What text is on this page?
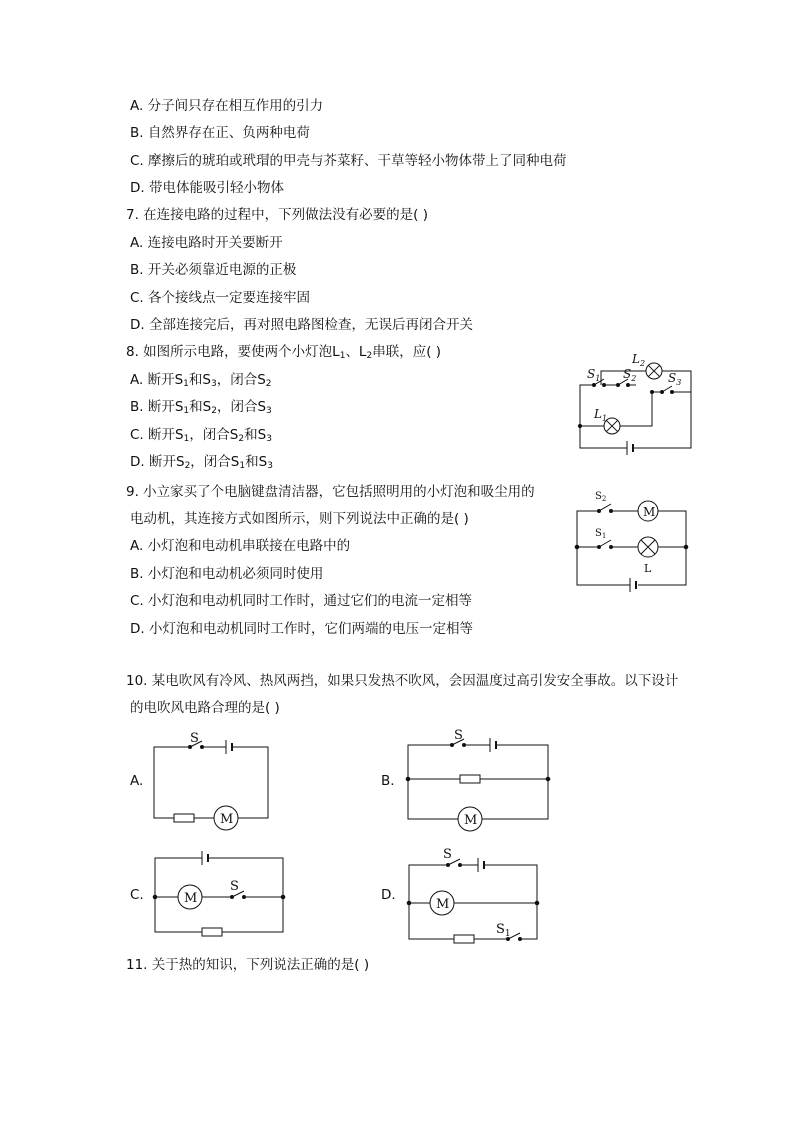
A. 分子间只存在相互作用的引力
B. 自然界存在正、负两种电荷
C. 摩擦后的琥珀或玳瑁的甲壳与芥菜籽、干草等轻小物体带上了同种电荷
D. 带电体能吸引轻小物体
7. 在连接电路的过程中，下列做法没有必要的是( )
A. 连接电路时开关要断开
B. 开关必须靠近电源的正极
C. 各个接线点一定要连接牢固
D. 全部连接完后，再对照电路图检查，无误后再闭合开关
8. 如图所示电路，要使两个小灯泡$L_1$、$L_2$串联，应( )
A. 断开$S_1$和$S_3$，闭合$S_2$
B. 断开$S_1$和$S_2$，闭合$S_3$
C. 断开$S_1$，闭合$S_2$和$S_3$
D. 断开$S_2$，闭合$S_1$和$S_3$
$L_2$
$L_1$
$S_1$ $S_2$	$S_3$
9. 小立家买了个电脑键盘清洁器，它包括照明用的小灯泡和吸尘用的
电动机，其连接方式如图所示，则下列说法中正确的是( )
A. 小灯泡和电动机串联接在电路中的
B. 小灯泡和电动机必须同时使用
C. 小灯泡和电动机同时工作时，通过它们的电流一定相等
D. 小灯泡和电动机同时工作时，它们两端的电压一定相等
$S_2$
$S_1$
M
L
10. 某电吹风有冷风、热风两挡，如果只发热不吹风，会因温度过高引发安全事故。以下设计
的电吹风电路合理的是( )
A.
S
M
B.
S
M
C.	M
S
D.
S
M
$S_1$
11. 关于热的知识，下列说法正确的是( )
